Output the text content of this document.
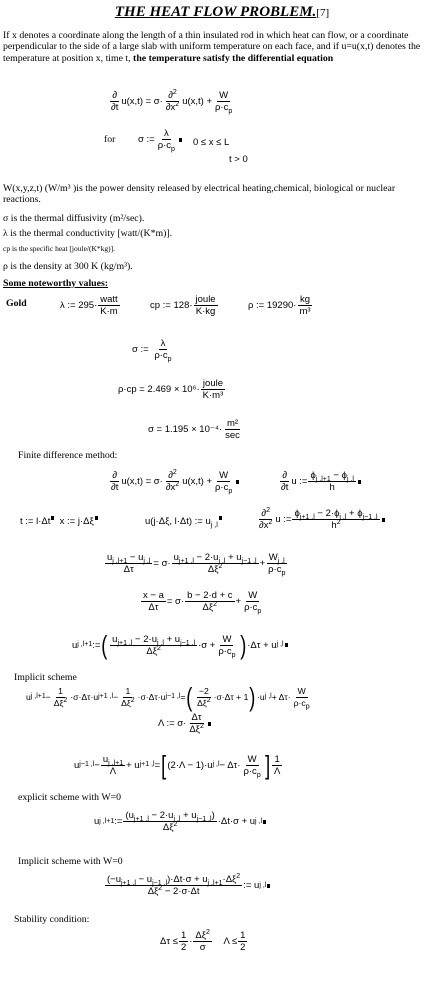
THE HEAT FLOW PROBLEM.[7]
If x denotes a coordinate along the length of a thin insulated rod in which heat can flow, or a coordinate perpendicular to the side of a large slab with uniform temperature on each face, and if u=u(x,t) denotes the temperature at position x, time t, the temperature satisfy the differential equation
$\frac{\partial}{\partial t} u(x,t) = \sigma\cdot \frac{\partial^2}{\partial x^2} u(x,t) + \frac{W}{\rho\cdot c_p}$
for σ := $\frac{\lambda}{\rho\cdot c_p} 0 \le x \le L$
t > 0
W(x,y,z,t) (W/m³ )is the power density released by electrical heating,chemical, biological or nuclear reactions.
σ is the thermal diffusivity (m²/sec).
λ is the thermal conductivity [watt/(K*m)].
cp is the specific heat [joule/(K*kg)].
ρ is the density at 300 K (kg/m³).
Some noteworthy values:
Gold	λ := $295\cdot \frac{\text{watt}}{K\cdot m}$	cp := $128\cdot \frac{\text{joule}}{K\cdot kg}$	ρ := $19290\cdot \frac{kg}{\text{m³}}$
σ :=
$\frac{\lambda}{\rho\cdot c_p}$
$\rho\cdot cp = 2.469 \times 10^6\cdot \frac{\text{joule}}{\text{K·m³}}$
$\sigma = 1.195 \times 10^{-4}\cdot \frac{\text{m²}}{\sec}$
Finite difference method:
$\frac{\partial}{\partial t} u(x,t) = \sigma\cdot \frac{\partial^2}{\partial x^2} u(x,t) + \frac{W}{\rho\cdot c_p}$	$\frac{\partial}{\partial t}$ u := $\frac{\phi_{j ,l+1} - \phi_{j ,l}}{h}$
t := l·Δt  x := j·Δξ	u(j·Δξ, l·Δt) := $u_{j ,l}$	$\frac{\partial^2}{\partial x^2}$ u := $\frac{\phi_{j+1 ,l} - 2\cdot\phi_{j ,l} + \phi_{j-1 ,l}}{h^2}$
$\frac{u_{j ,l+1} - u_{j ,l}}{\Delta\tau} = \sigma\cdot \frac{u_{j+1 ,l} - 2\cdot u_{j ,l} + u_{j-1 ,l}}{\Delta\xi^2} + \frac{W_{j ,l}}{\rho\cdot c_p}$
$\frac{x - a}{\Delta\tau} = \sigma\cdot \frac{b - 2\cdot d + c}{\Delta\xi^2} + \frac{W}{\rho\cdot c_p}$
u j ,l+1 := ( $\frac{u_{j+1 ,l} - 2\cdot u_{j ,l} + u_{j-1 ,l}}{\Delta\xi^2} \cdot\sigma + \frac{W}{\rho\cdot c_p}$ ) ·Δτ + u j ,l
Implicit scheme
u j $,l+1 - \frac{1}{\Delta\xi^2} \cdot\sigma\cdot\Delta\tau\cdot u$ j+1 $,l - \frac{1}{\Delta\xi^2} \cdot\sigma\cdot\Delta\tau\cdot u$ j−1 ,l = ( $\frac{-2}{\Delta\xi^2} \cdot\sigma\cdot\Delta\tau + 1$ ) ·u j $,l + \Delta\tau\cdot \frac{W}{\rho\cdot c_p}$
Λ := $\sigma\cdot \frac{\Delta\tau}{\Delta\xi^2}$
u j−1 $,l - \frac{u_{j ,l+1}}{\Lambda} + u$ j+1 ,l = [ (2·Λ − 1)·u j $,l - \Delta\tau\cdot \frac{W}{\rho\cdot c_p}$ ] $\frac{1}{\Lambda}$
explicit scheme with W=0
u j ,l+1 := $\frac{(u_{j+1 ,l} - 2\cdot u_{j ,l} + u_{j-1 ,l})}{\Delta\xi^2} \cdot\Delta t\cdot\sigma + u$ j ,l
Implicit scheme with W=0
$\frac{(-u_{j+1 ,l} - u_{j-1 ,l})\cdot\Delta t\cdot\sigma + u_{j ,l+1}\cdot\Delta\xi^2}{\Delta\xi^2 - 2\cdot\sigma\cdot\Delta t}$ := u j ,l
Stability condition:
$\Delta\tau \le \frac{1}{2} \cdot \frac{\Delta\xi^2}{\sigma}$ $\Lambda \le \frac{1}{2}$
